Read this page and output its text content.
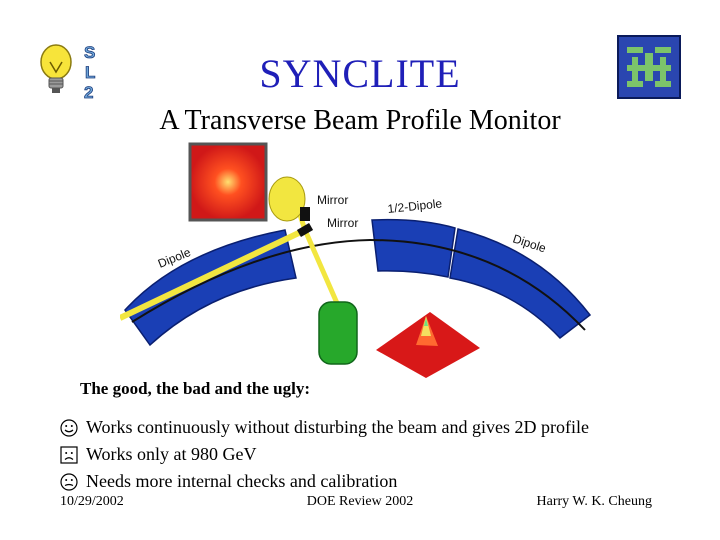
S
L
2	SYNCLITE
A Transverse Beam Profile Monitor
Mirror
Mirror
1/2-Dipole
Dipole
Dipole
The good, the bad and the ugly:
Works continuously without disturbing the beam and gives 2D profile
Works only at 980 GeV
Needs more internal checks and calibration
10/29/2002	DOE Review 2002	Harry W. K. Cheung
